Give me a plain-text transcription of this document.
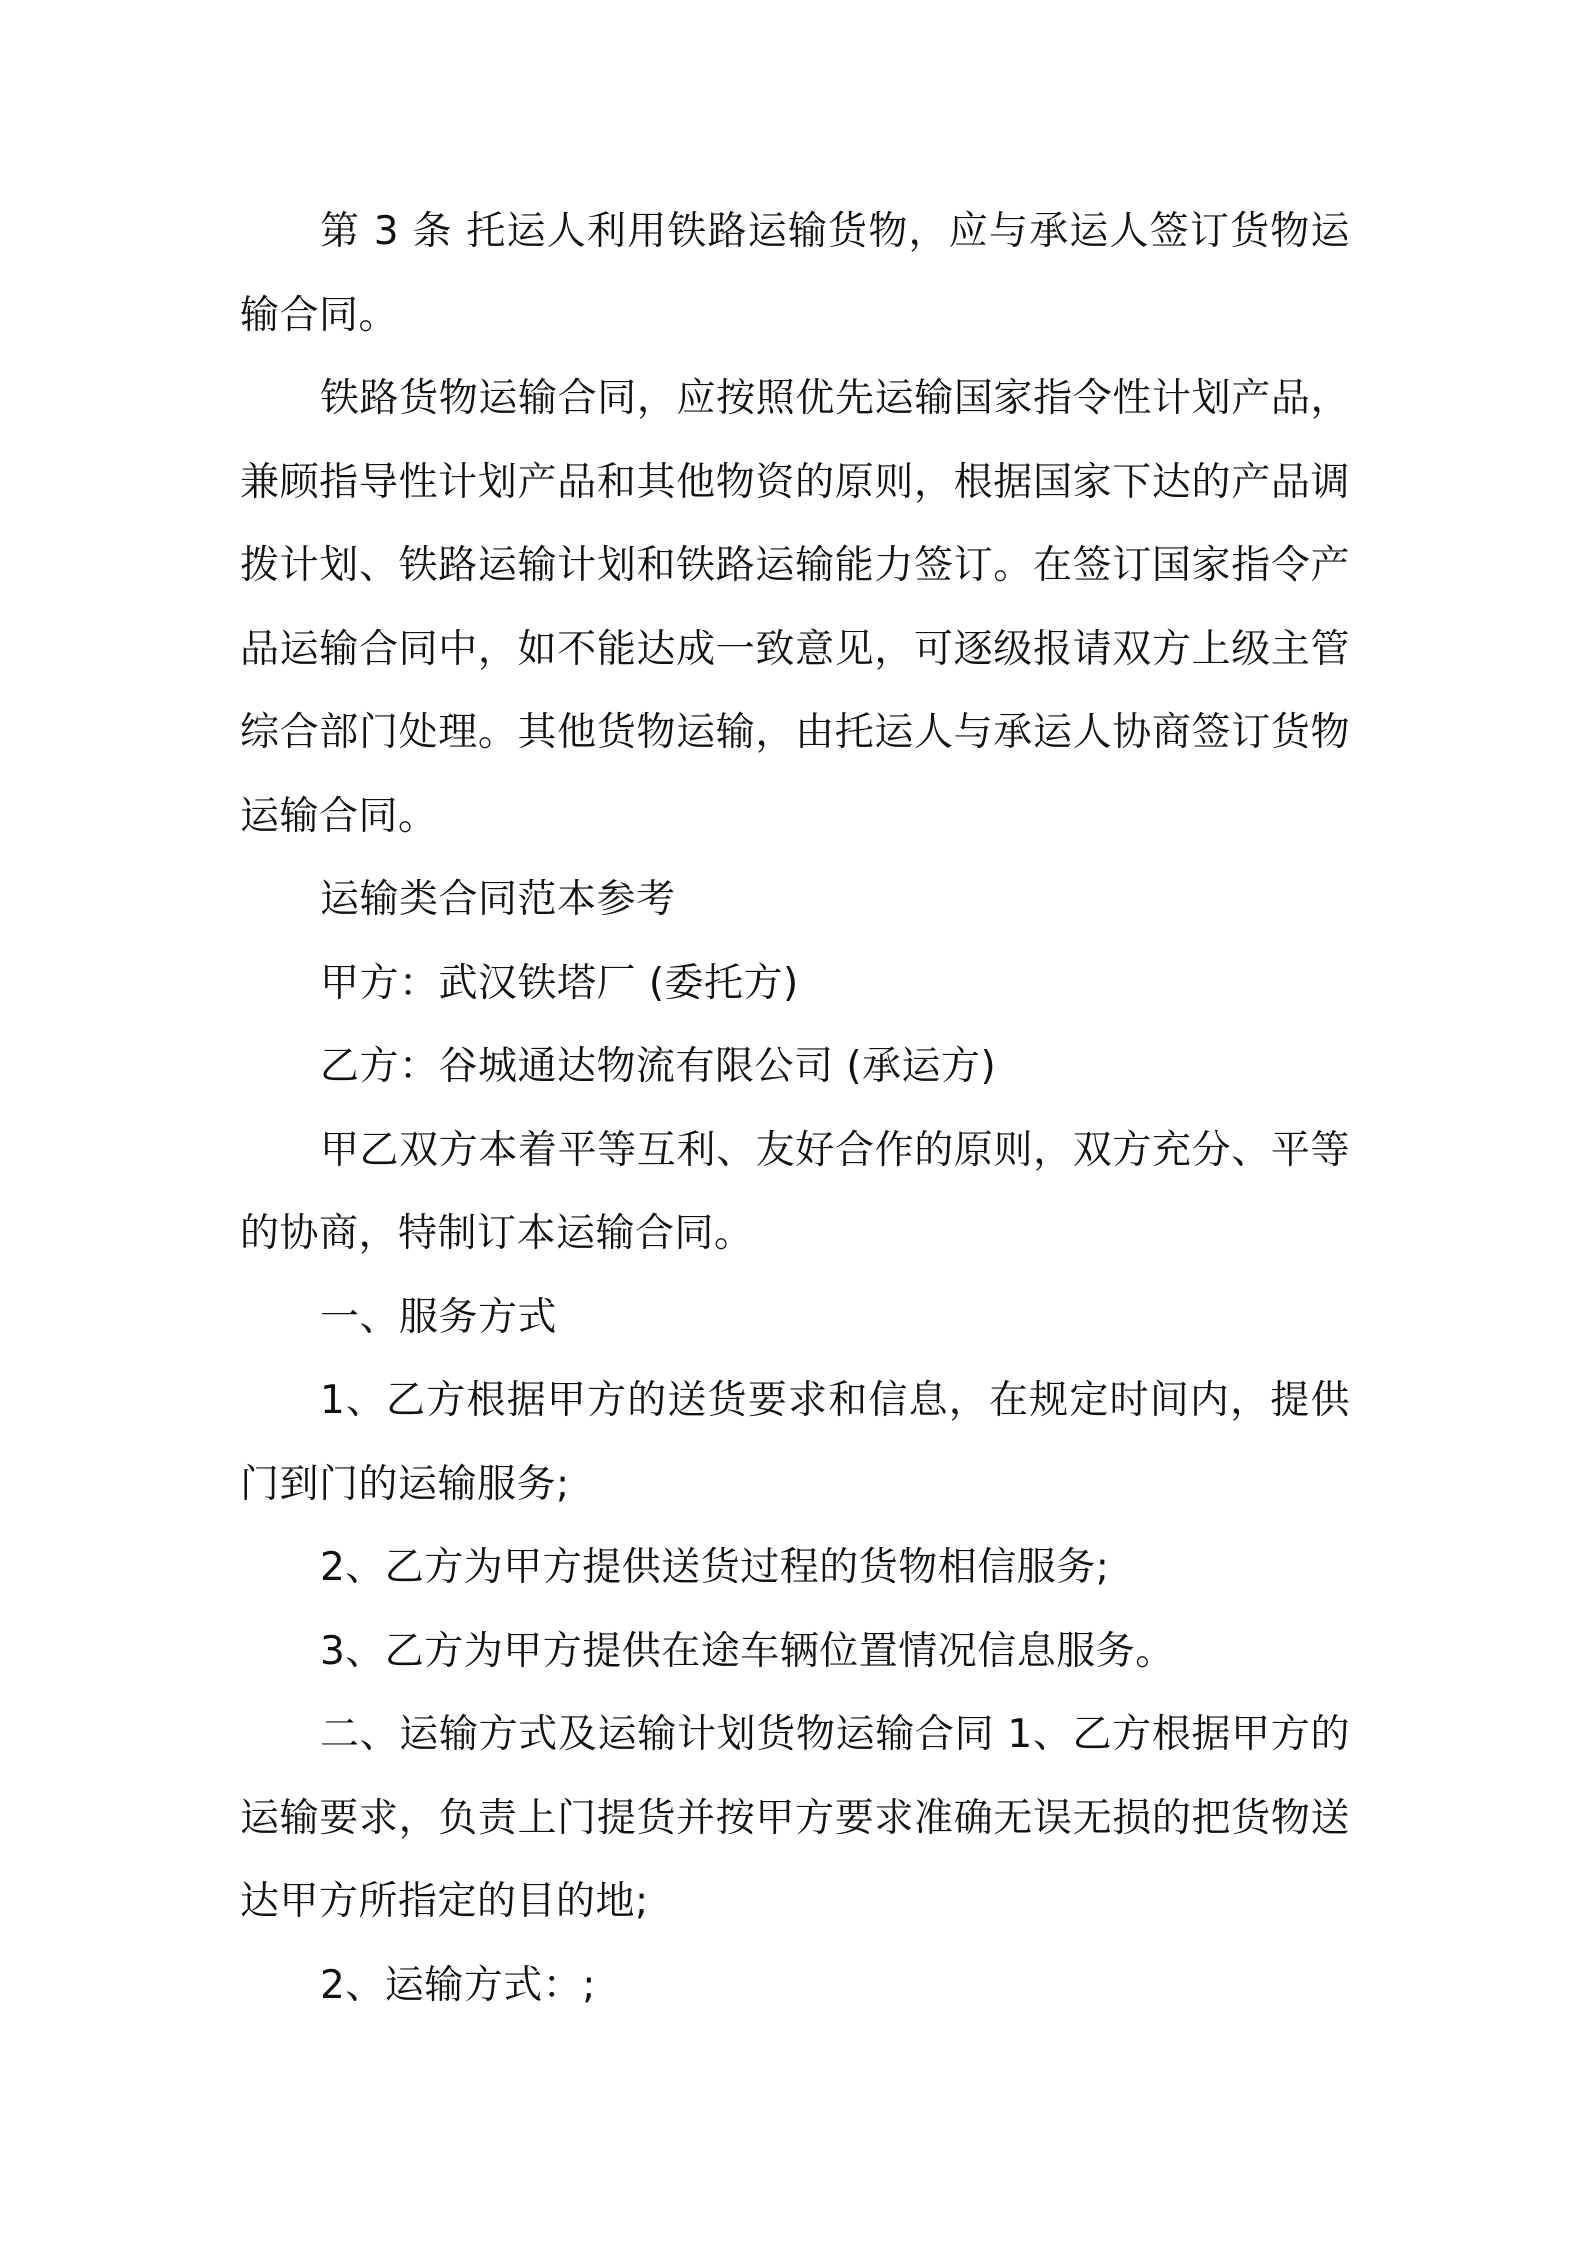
第 3 条 托运人利用铁路运输货物，应与承运人签订货物运输合同。

铁路货物运输合同，应按照优先运输国家指令性计划产品，兼顾指导性计划产品和其他物资的原则，根据国家下达的产品调拨计划、铁路运输计划和铁路运输能力签订。在签订国家指令产品运输合同中，如不能达成一致意见，可逐级报请双方上级主管综合部门处理。其他货物运输，由托运人与承运人协商签订货物运输合同。

运输类合同范本参考

甲方：武汉铁塔厂 (委托方)

乙方：谷城通达物流有限公司 (承运方)

甲乙双方本着平等互利、友好合作的原则，双方充分、平等的协商，特制订本运输合同。

一、服务方式

1、乙方根据甲方的送货要求和信息，在规定时间内，提供门到门的运输服务;

2、乙方为甲方提供送货过程的货物相信服务;

3、乙方为甲方提供在途车辆位置情况信息服务。

二、运输方式及运输计划货物运输合同 1、乙方根据甲方的运输要求，负责上门提货并按甲方要求准确无误无损的把货物送达甲方所指定的目的地;

2、运输方式：;
